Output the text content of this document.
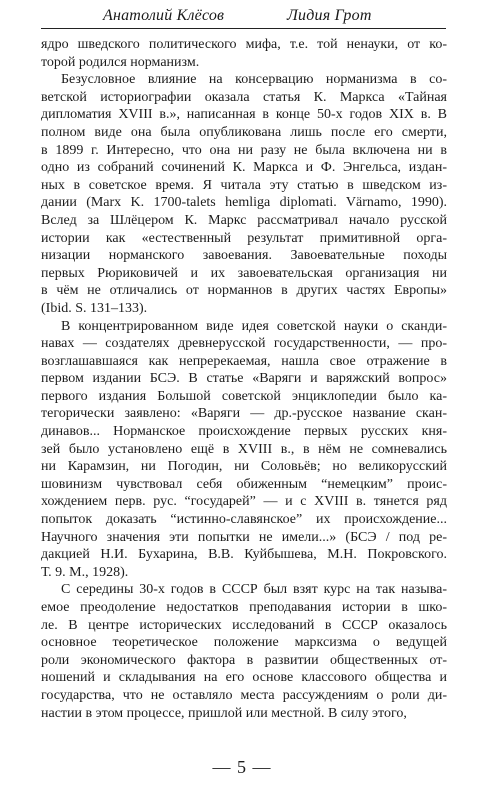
Анатолий Клёсов	Лидия Грот

ядро шведского политического мифа, т.е. той ненауки, от ко-
торой родился норманизм.

Безусловное влияние на консервацию норманизма в со-
ветской историографии оказала статья К. Маркса «Тайная
дипломатия XVIII в.», написанная в конце 50-х годов XIX в. В
полном виде она была опубликована лишь после его смерти,
в 1899 г. Интересно, что она ни разу не была включена ни в
одно из собраний сочинений К. Маркса и Ф. Энгельса, издан-
ных в советское время. Я читала эту статью в шведском из-
дании (Marx K. 1700-talets hemliga diplomati. Värnamo, 1990).
Вслед за Шлёцером К. Маркс рассматривал начало русской
истории как «естественный результат примитивной орга-
низации норманского завоевания. Завоевательные походы
первых Рюриковичей и их завоевательская организация ни
в чём не отличались от норманнов в других частях Европы»
(Ibid. S. 131–133).

В концентрированном виде идея советской науки о сканди-
навах — создателях древнерусской государственности, — про-
возглашавшаяся как непререкаемая, нашла свое отражение в
первом издании БСЭ. В статье «Варяги и варяжский вопрос»
первого издания Большой советской энциклопедии было ка-
тегорически заявлено: «Варяги — др.-русское название скан-
динавов... Норманское происхождение первых русских кня-
зей было установлено ещё в XVIII в., в нём не сомневались
ни Карамзин, ни Погодин, ни Соловьёв; но великорусский
шовинизм чувствовал себя обиженным “немецким” проис-
хождением перв. рус. “государей” — и с XVIII в. тянется ряд
попыток доказать “истинно-славянское” их происхождение...
Научного значения эти попытки не имели...» (БСЭ / под ре-
дакцией Н.И. Бухарина, В.В. Куйбышева, М.Н. Покровского.
Т. 9. М., 1928).

С середины 30-х годов в СССР был взят курс на так называ-
емое преодоление недостатков преподавания истории в шко-
ле. В центре исторических исследований в СССР оказалось
основное теоретическое положение марксизма о ведущей
роли экономического фактора в развитии общественных от-
ношений и складывания на его основе классового общества и
государства, что не оставляло места рассуждениям о роли ди-
настии в этом процессе, пришлой или местной. В силу этого,

— 5 —
